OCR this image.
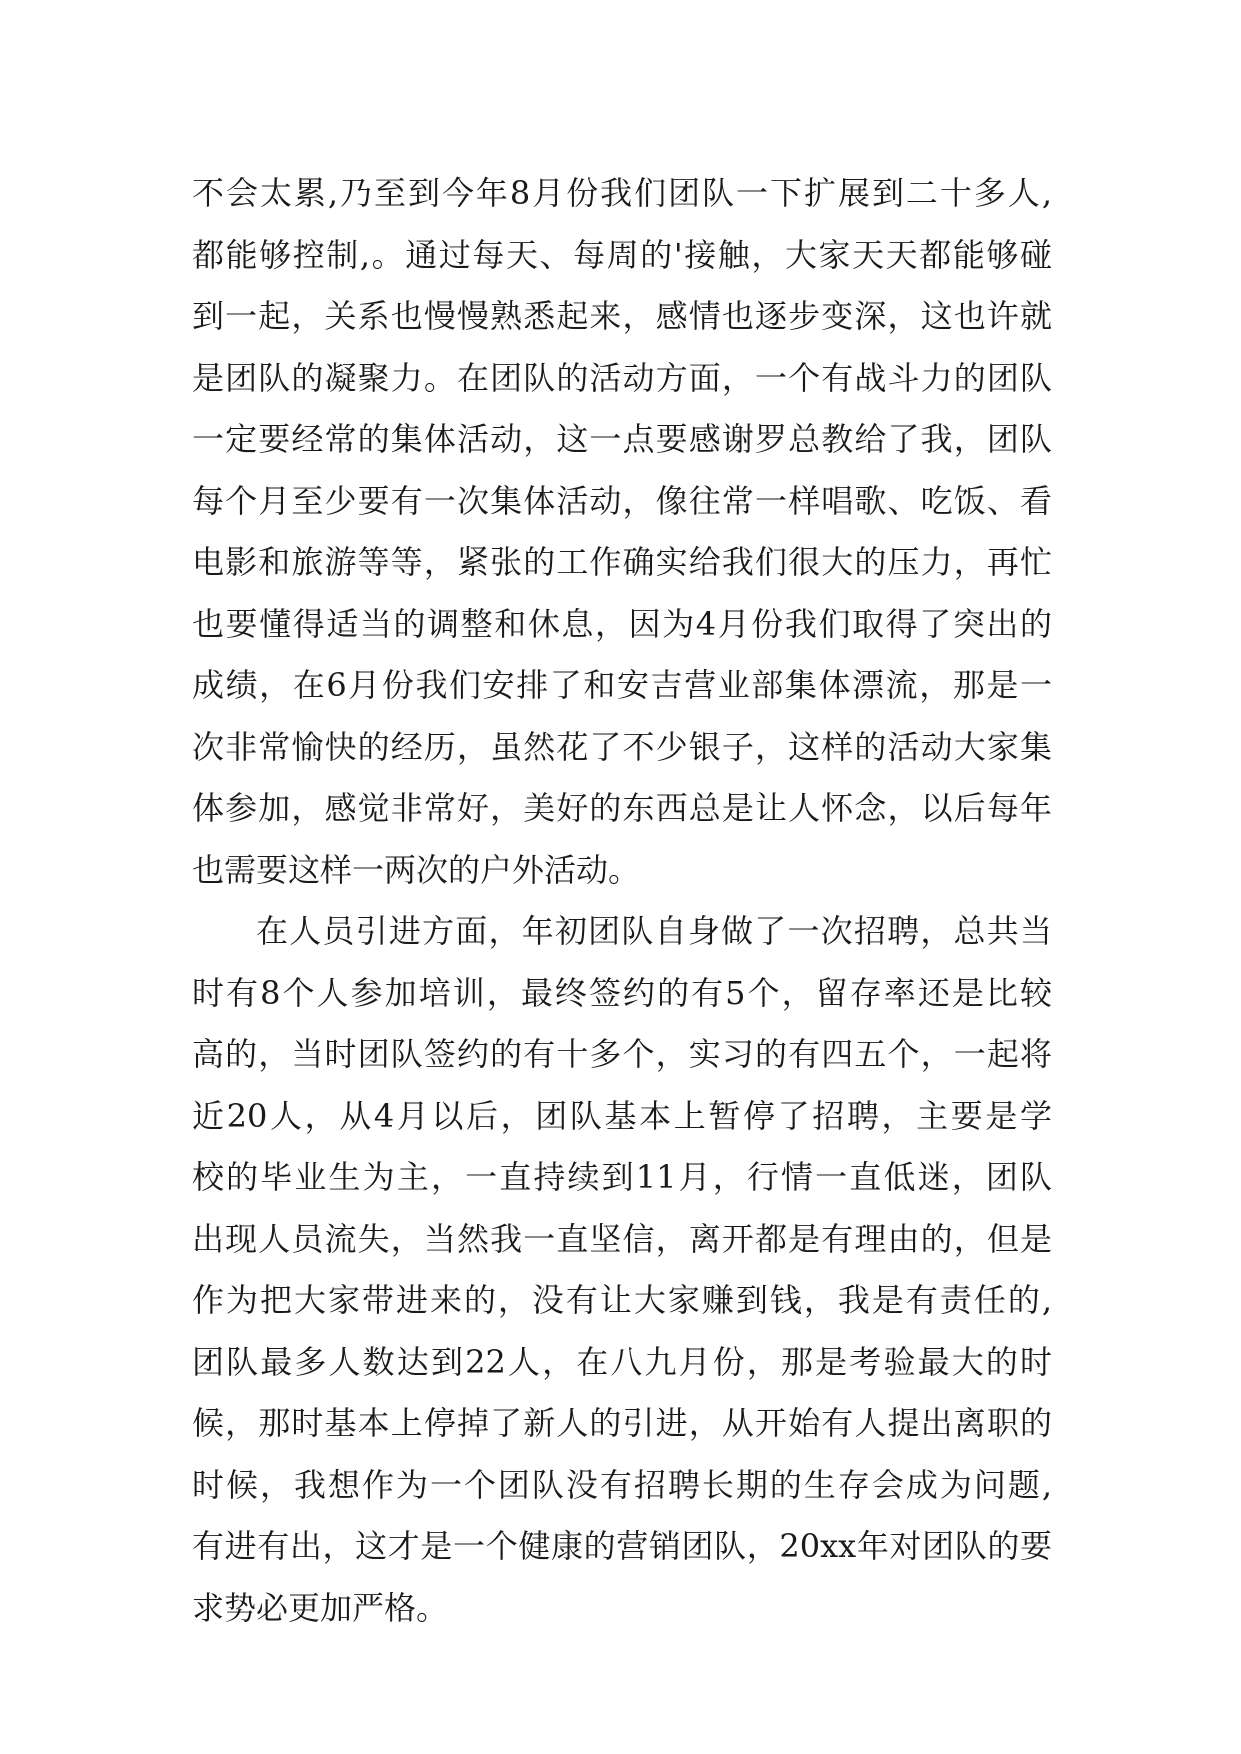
不会太累,乃至到今年8月份我们团队一下扩展到二十多人,
都能够控制,。通过每天、每周的'接触，大家天天都能够碰
到一起，关系也慢慢熟悉起来，感情也逐步变深，这也许就
是团队的凝聚力。在团队的活动方面，一个有战斗力的团队
一定要经常的集体活动，这一点要感谢罗总教给了我，团队
每个月至少要有一次集体活动，像往常一样唱歌、吃饭、看
电影和旅游等等，紧张的工作确实给我们很大的压力，再忙
也要懂得适当的调整和休息，因为4月份我们取得了突出的
成绩，在6月份我们安排了和安吉营业部集体漂流，那是一
次非常愉快的经历，虽然花了不少银子，这样的活动大家集
体参加，感觉非常好，美好的东西总是让人怀念，以后每年
也需要这样一两次的户外活动。
在人员引进方面，年初团队自身做了一次招聘，总共当
时有8个人参加培训，最终签约的有5个，留存率还是比较
高的，当时团队签约的有十多个，实习的有四五个，一起将
近20人，从4月以后，团队基本上暂停了招聘，主要是学
校的毕业生为主，一直持续到11月，行情一直低迷，团队
出现人员流失，当然我一直坚信，离开都是有理由的，但是
作为把大家带进来的，没有让大家赚到钱，我是有责任的,
团队最多人数达到22人，在八九月份，那是考验最大的时
候，那时基本上停掉了新人的引进，从开始有人提出离职的
时候，我想作为一个团队没有招聘长期的生存会成为问题,
有进有出，这才是一个健康的营销团队，20xx年对团队的要
求势必更加严格。
